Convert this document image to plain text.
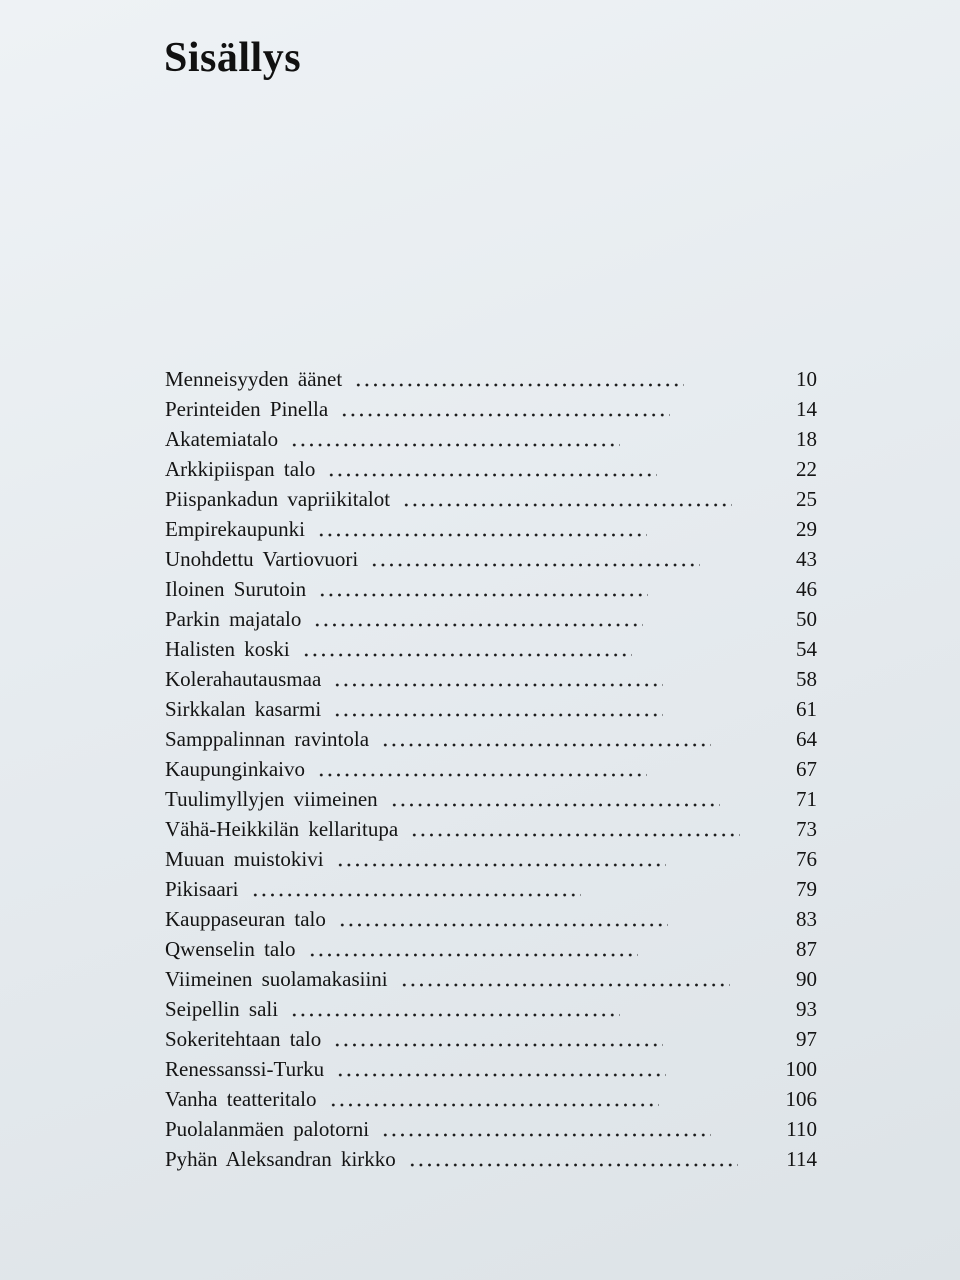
Sisällys
Menneisyyden äänet	10
Perinteiden Pinella	14
Akatemiatalo	18
Arkkipiispan talo	22
Piispankadun vapriikitalot	25
Empirekaupunki	29
Unohdettu Vartiovuori	43
Iloinen Surutoin	46
Parkin majatalo	50
Halisten koski	54
Kolerahautausmaa	58
Sirkkalan kasarmi	61
Samppalinnan ravintola	64
Kaupunginkaivo	67
Tuulimyllyjen viimeinen	71
Vähä-Heikkilän kellaritupa	73
Muuan muistokivi	76
Pikisaari	79
Kauppaseuran talo	83
Qwenselin talo	87
Viimeinen suolamakasiini	90
Seipellin sali	93
Sokeritehtaan talo	97
Renessanssi-Turku	100
Vanha teatteritalo	106
Puolalanmäen palotorni	110
Pyhän Aleksandran kirkko	114
